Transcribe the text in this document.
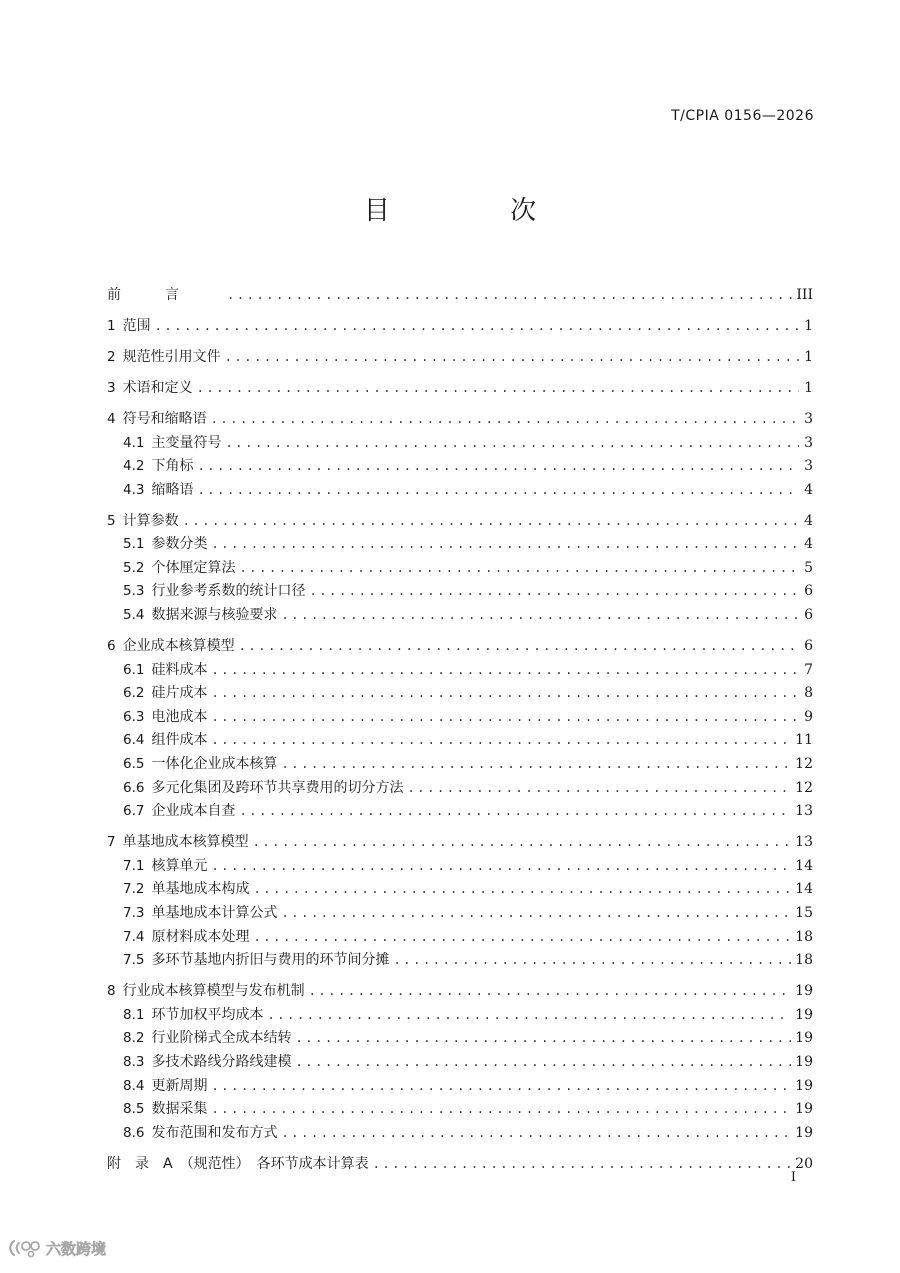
T/CPIA 0156—2026
目 次
前言 .....	III
1 范围 .....	1
2 规范性引用文件 .....	1
3 术语和定义 .....	1
4 符号和缩略语 .....	3
4.1 主变量符号 .....	3
4.2 下角标 .....	3
4.3 缩略语 .....	4
5 计算参数 .....	4
5.1 参数分类 .....	4
5.2 个体厘定算法 .....	5
5.3 行业参考系数的统计口径 .....	6
5.4 数据来源与核验要求 .....	6
6 企业成本核算模型 .....	6
6.1 硅料成本 .....	7
6.2 硅片成本 .....	8
6.3 电池成本 .....	9
6.4 组件成本 .....	11
6.5 一体化企业成本核算 .....	12
6.6 多元化集团及跨环节共享费用的切分方法 .....	12
6.7 企业成本自查 .....	13
7 单基地成本核算模型 .....	13
7.1 核算单元 .....	14
7.2 单基地成本构成 .....	14
7.3 单基地成本计算公式 .....	15
7.4 原材料成本处理 .....	18
7.5 多环节基地内折旧与费用的环节间分摊 .....	18
8 行业成本核算模型与发布机制 .....	19
8.1 环节加权平均成本 .....	19
8.2 行业阶梯式全成本结转 .....	19
8.3 多技术路线分路线建模 .....	19
8.4 更新周期 .....	19
8.5 数据采集 .....	19
8.6 发布范围和发布方式 .....	19
附　录　A　（规范性）　各环节成本计算表 .....	20
I
六数跨境
